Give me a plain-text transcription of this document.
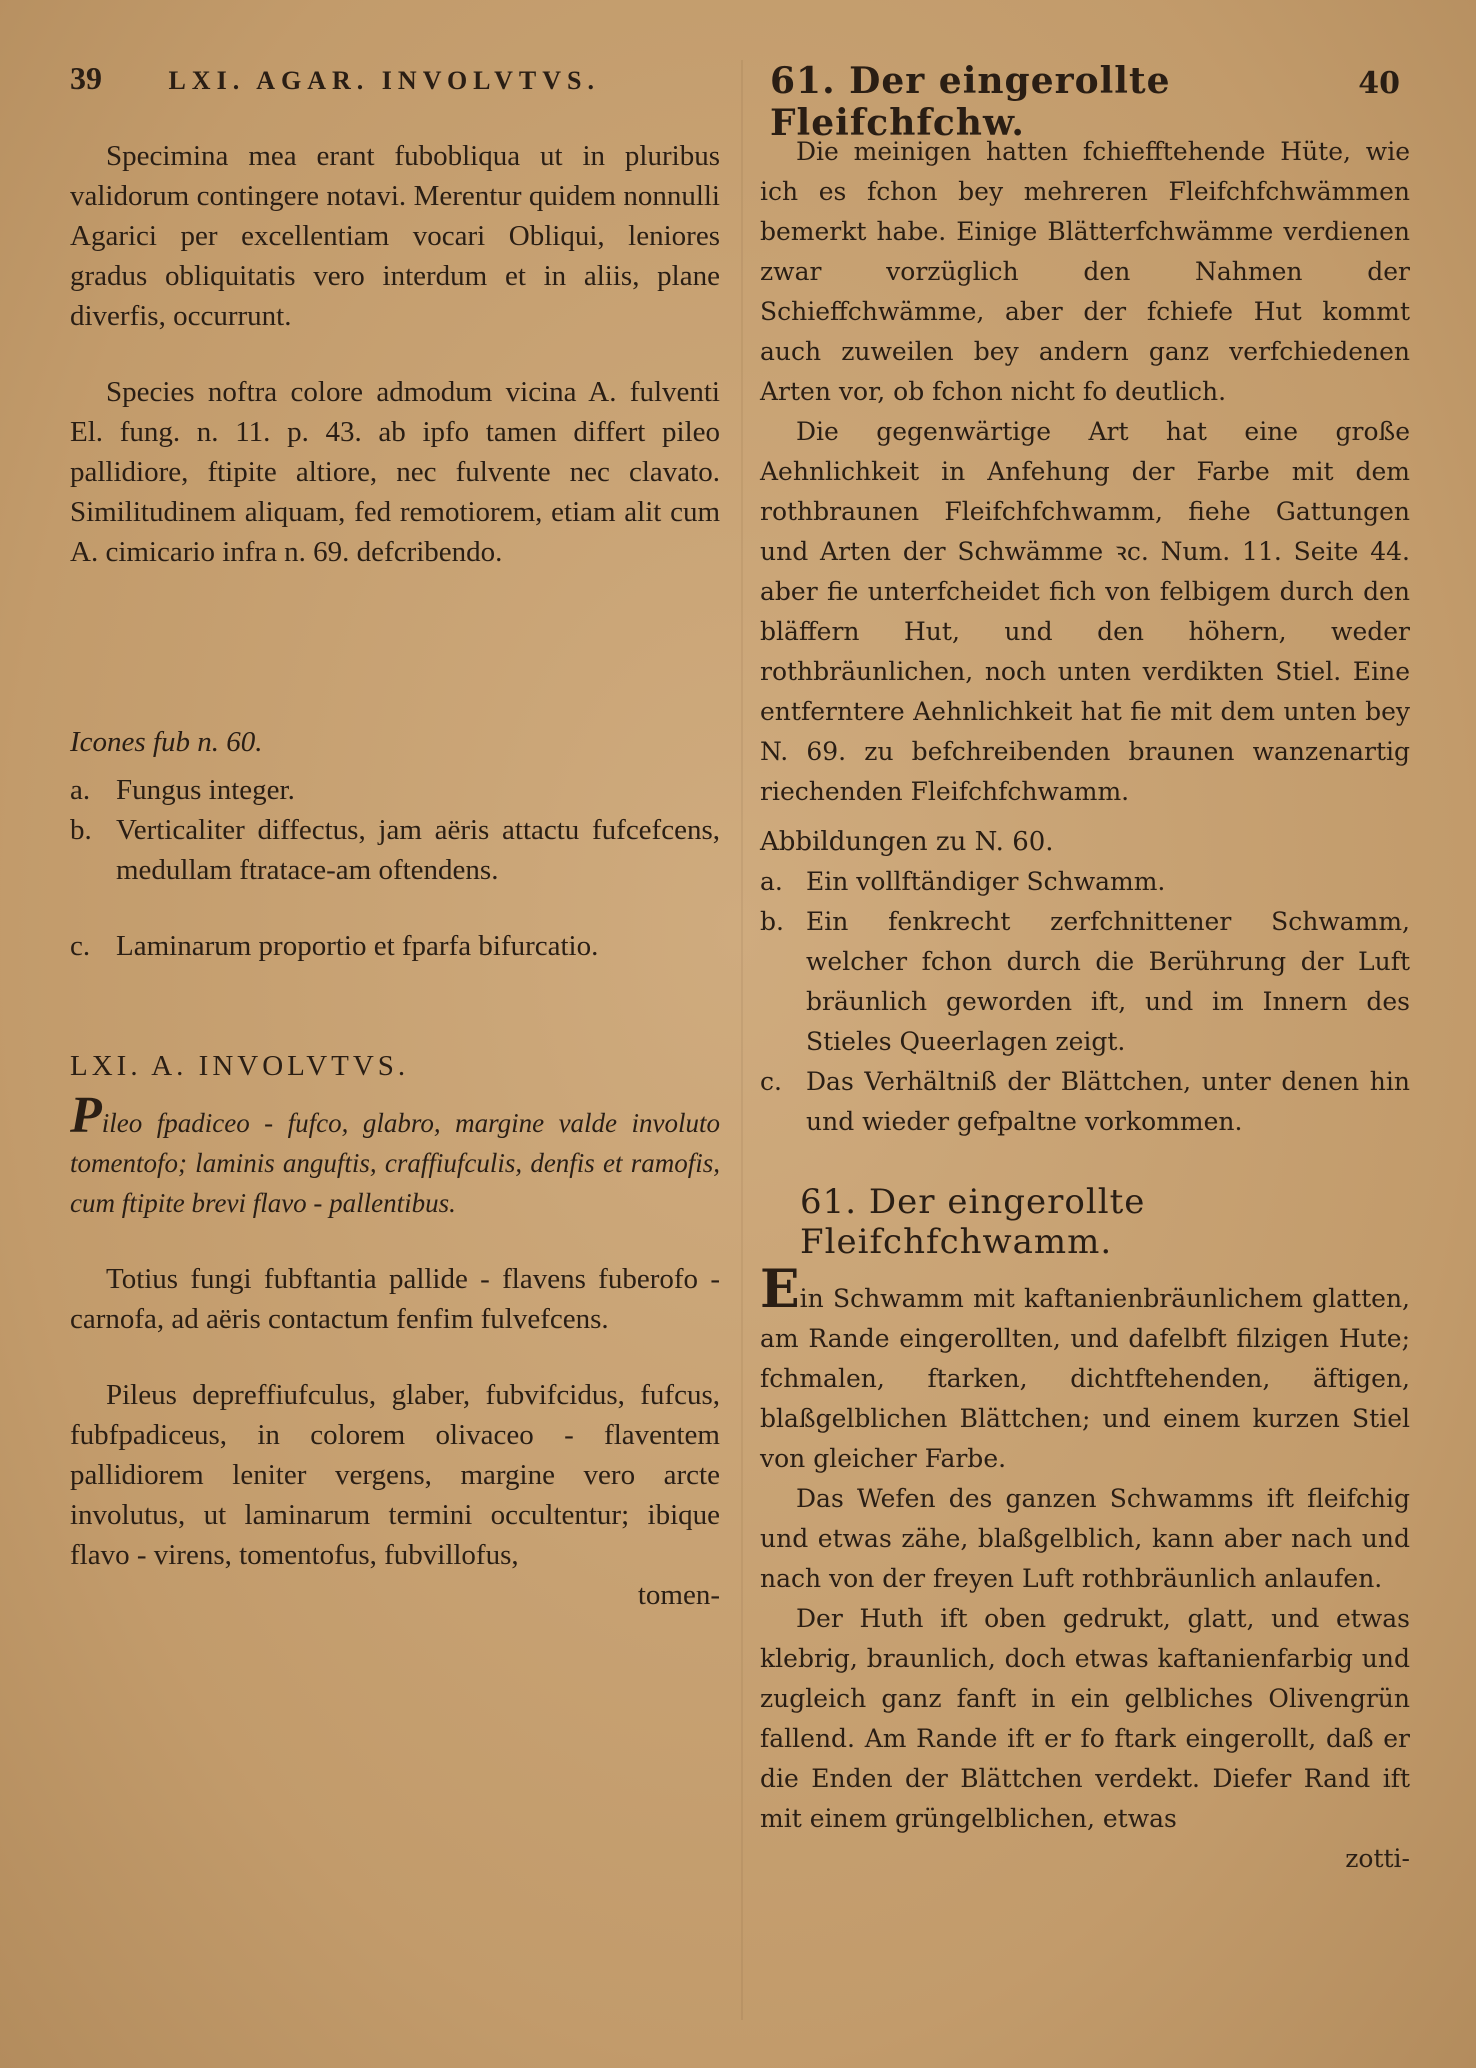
39	LXI. AGAR. INVOLVTVS.

Specimina mea erant fubobliqua ut in pluribus validorum contingere notavi. Merentur quidem nonnulli Agarici per excellentiam vocari Obliqui, leniores gradus obliquitatis vero interdum et in aliis, plane diverfis, occurrunt.

Species noftra colore admodum vicina A. fulventi El. fung. n. 11. p. 43. ab ipfo tamen differt pileo pallidiore, ftipite altiore, nec fulvente nec clavato. Similitudinem aliquam, fed remotiorem, etiam alit cum A. cimicario infra n. 69. defcribendo.

Icones fub n. 60.

a. Fungus integer.
b. Verticaliter diffectus, jam aëris attactu fufcefcens, medullam ftratace-am oftendens.
c. Laminarum proportio et fparfa bifurcatio.

LXI. A. INVOLVTVS.

Pileo fpadiceo - fufco, glabro, margine valde involuto tomentofo; laminis anguftis, craffiufculis, denfis et ramofis, cum ftipite brevi flavo - pallentibus.

Totius fungi fubftantia pallide - flavens fuberofo - carnofa, ad aëris contactum fenfim fulvefcens.

Pileus depreffiufculus, glaber, fubvifcidus, fufcus, fubfpadiceus, in colorem olivaceo - flaventem pallidiorem leniter vergens, margine vero arcte involutus, ut laminarum termini occultentur; ibique flavo - virens, tomentofus, fubvillofus,

tomen-

61. Der eingerollte Fleifchfchw.
40

Die meinigen hatten fchiefftehende Hüte, wie ich es fchon bey mehreren Fleifchfchwämmen bemerkt habe. Einige Blätterfchwämme verdienen zwar vorzüglich den Nahmen der Schieffchwämme, aber der fchiefe Hut kommt auch zuweilen bey andern ganz verfchiedenen Arten vor, ob fchon nicht fo deutlich.

Die gegenwärtige Art hat eine große Aehnlichkeit in Anfehung der Farbe mit dem rothbraunen Fleifchfchwamm, fiehe Gattungen und Arten der Schwämme ꝛc. Num. 11. Seite 44. aber fie unterfcheidet fich von felbigem durch den bläffern Hut, und den höhern, weder rothbräunlichen, noch unten verdikten Stiel. Eine entferntere Aehnlichkeit hat fie mit dem unten bey N. 69. zu befchreibenden braunen wanzenartig riechenden Fleifchfchwamm.

Abbildungen zu N. 60.

a. Ein vollftändiger Schwamm.
b. Ein fenkrecht zerfchnittener Schwamm, welcher fchon durch die Berührung der Luft bräunlich geworden ift, und im Innern des Stieles Queerlagen zeigt.
c. Das Verhältniß der Blättchen, unter denen hin und wieder gefpaltne vorkommen.

61. Der eingerollte Fleifchfchwamm.

Ein Schwamm mit kaftanienbräunlichem glatten, am Rande eingerollten, und dafelbft filzigen Hute; fchmalen, ftarken, dichtftehenden, äftigen, blaßgelblichen Blättchen; und einem kurzen Stiel von gleicher Farbe.

Das Wefen des ganzen Schwamms ift fleifchig und etwas zähe, blaßgelblich, kann aber nach und nach von der freyen Luft rothbräunlich anlaufen.

Der Huth ift oben gedrukt, glatt, und etwas klebrig, braunlich, doch etwas kaftanienfarbig und zugleich ganz fanft in ein gelbliches Olivengrün fallend. Am Rande ift er fo ftark eingerollt, daß er die Enden der Blättchen verdekt. Diefer Rand ift mit einem grüngelblichen, etwas

zotti-
